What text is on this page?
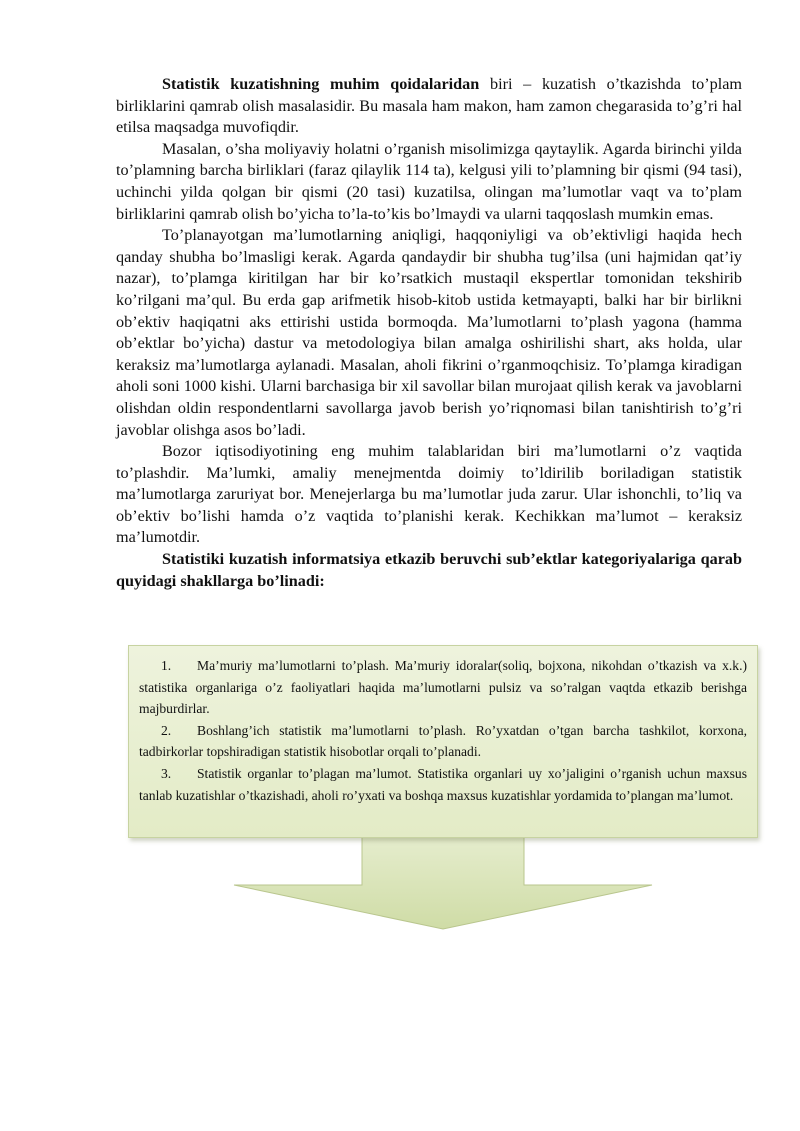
Statistik kuzatishning muhim qoidalaridan biri – kuzatish o’tkazishda to’plam birliklarini qamrab olish masalasidir. Bu masala ham makon, ham zamon chegarasida to’g’ri hal etilsa maqsadga muvofiqdir.

Masalan, o’sha moliyaviy holatni o’rganish misolimizga qaytaylik. Agarda birinchi yilda to’plamning barcha birliklari (faraz qilaylik 114 ta), kelgusi yili to’plamning bir qismi (94 tasi), uchinchi yilda qolgan bir qismi (20 tasi) kuzatilsa, olingan ma’lumotlar vaqt va to’plam birliklarini qamrab olish bo’yicha to’la-to’kis bo’lmaydi va ularni taqqoslash mumkin emas.

To’planayotgan ma’lumotlarning aniqligi, haqqoniyligi va ob’ektivligi haqida hech qanday shubha bo’lmasligi kerak. Agarda qandaydir bir shubha tug’ilsa (uni hajmidan qat’iy nazar), to’plamga kiritilgan har bir ko’rsatkich mustaqil ekspertlar tomonidan tekshirib ko’rilgani ma’qul. Bu erda gap arifmetik hisob-kitob ustida ketmayapti, balki har bir birlikni ob’ektiv haqiqatni aks ettirishi ustida bormoqda. Ma’lumotlarni to’plash yagona (hamma ob’ektlar bo’yicha) dastur va metodologiya bilan amalga oshirilishi shart, aks holda, ular keraksiz ma’lumotlarga aylanadi. Masalan, aholi fikrini o’rganmoqchisiz. To’plamga kiradigan aholi soni 1000 kishi. Ularni barchasiga bir xil savollar bilan murojaat qilish kerak va javoblarni olishdan oldin respondentlarni savollarga javob berish yo’riqnomasi bilan tanishtirish to’g’ri javoblar olishga asos bo’ladi.

Bozor iqtisodiyotining eng muhim talablaridan biri ma’lumotlarni o’z vaqtida to’plashdir. Ma’lumki, amaliy menejmentda doimiy to’ldirilib boriladigan statistik ma’lumotlarga zaruriyat bor. Menejerlarga bu ma’lumotlar juda zarur. Ular ishonchli, to’liq va ob’ektiv bo’lishi hamda o’z vaqtida to’planishi kerak. Kechikkan ma’lumot – keraksiz ma’lumotdir.

Statistiki kuzatish informatsiya etkazib beruvchi sub’ektlar kategoriyalariga qarab quyidagi shakllarga bo’linadi:

1. Ma’muriy ma’lumotlarni to’plash. Ma’muriy idoralar(soliq, bojxona, nikohdan o’tkazish va x.k.) statistika organlariga o’z faoliyatlari haqida ma’lumotlarni pulsiz va so’ralgan vaqtda etkazib berishga majburdirlar.

2. Boshlang’ich statistik ma’lumotlarni to’plash. Ro’yxatdan o’tgan barcha tashkilot, korxona, tadbirkorlar topshiradigan statistik hisobotlar orqali to’planadi.

3. Statistik organlar to’plagan ma’lumot. Statistika organlari uy xo’jaligini o’rganish uchun maxsus tanlab kuzatishlar o’tkazishadi, aholi ro’yxati va boshqa maxsus kuzatishlar yordamida to’plangan ma’lumot.
